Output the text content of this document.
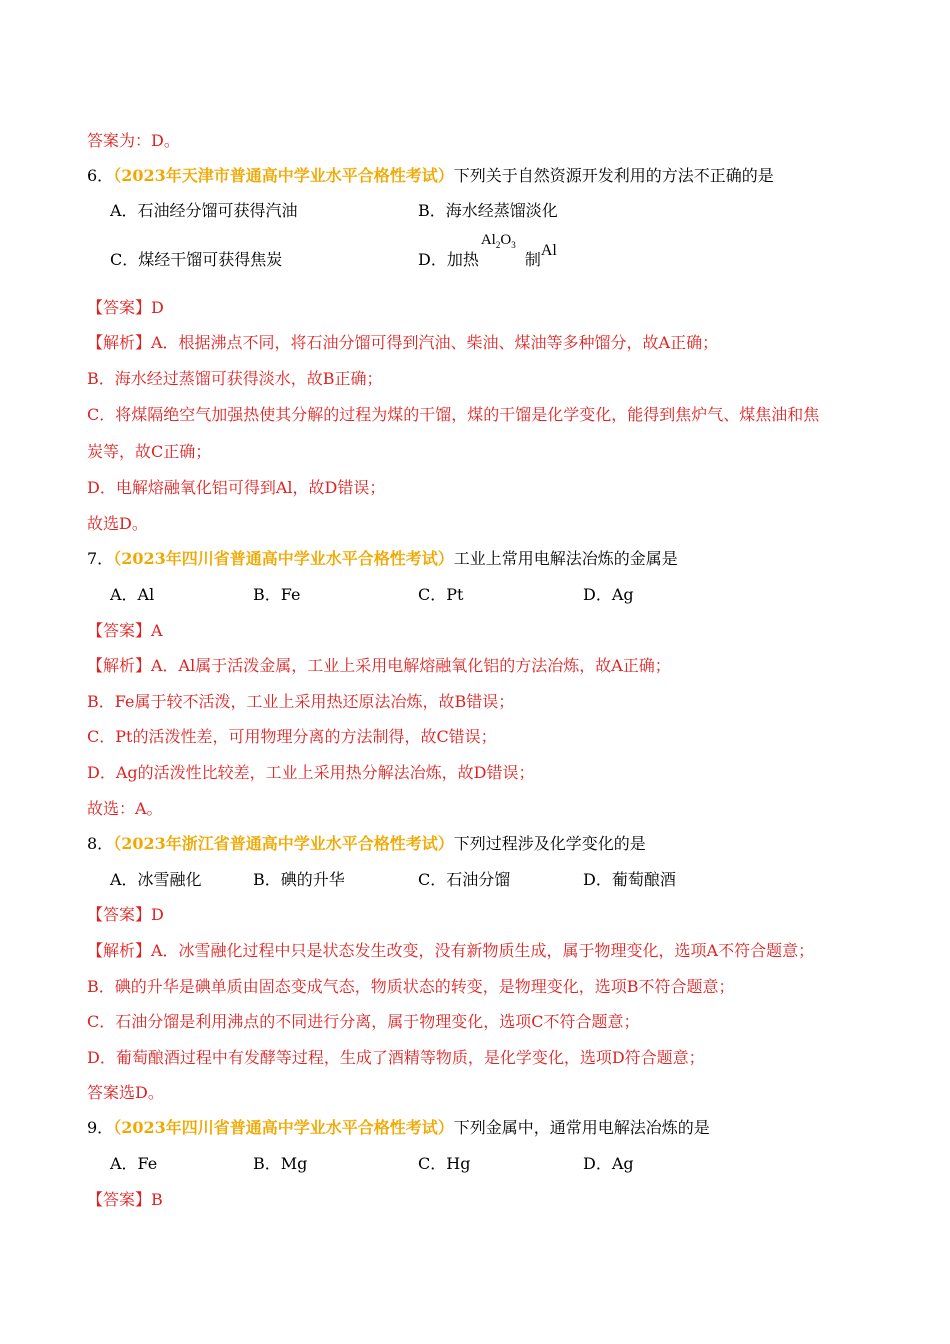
答案为：D。
6．（2023年天津市普通高中学业水平合格性考试）下列关于自然资源开发利用的方法不正确的是
A．石油经分馏可获得汽油	B．海水经蒸馏淡化
C．煤经干馏可获得焦炭	D．加热
$Al_2O_3$
制Al
【答案】D
【解析】A．根据沸点不同，将石油分馏可得到汽油、柴油、煤油等多种馏分，故A正确；
B．海水经过蒸馏可获得淡水，故B正确；
C．将煤隔绝空气加强热使其分解的过程为煤的干馏，煤的干馏是化学变化，能得到焦炉气、煤焦油和焦
炭等，故C正确；
D．电解熔融氧化铝可得到Al，故D错误；
故选D。
7．（2023年四川省普通高中学业水平合格性考试）工业上常用电解法冶炼的金属是
A．Al	B．Fe	C．Pt	D．Ag
【答案】A
【解析】A．Al属于活泼金属，工业上采用电解熔融氧化铝的方法冶炼，故A正确；
B．Fe属于较不活泼，工业上采用热还原法冶炼，故B错误；
C．Pt的活泼性差，可用物理分离的方法制得，故C错误；
D．Ag的活泼性比较差，工业上采用热分解法冶炼，故D错误；
故选：A。
8．（2023年浙江省普通高中学业水平合格性考试）下列过程涉及化学变化的是
A．冰雪融化	B．碘的升华	C．石油分馏	D．葡萄酿酒
【答案】D
【解析】A．冰雪融化过程中只是状态发生改变，没有新物质生成，属于物理变化，选项A不符合题意；
B．碘的升华是碘单质由固态变成气态，物质状态的转变，是物理变化，选项B不符合题意；
C．石油分馏是利用沸点的不同进行分离，属于物理变化，选项C不符合题意；
D．葡萄酿酒过程中有发酵等过程，生成了酒精等物质，是化学变化，选项D符合题意；
答案选D。
9．（2023年四川省普通高中学业水平合格性考试）下列金属中，通常用电解法冶炼的是
A．Fe	B．Mg	C．Hg	D．Ag
【答案】B
